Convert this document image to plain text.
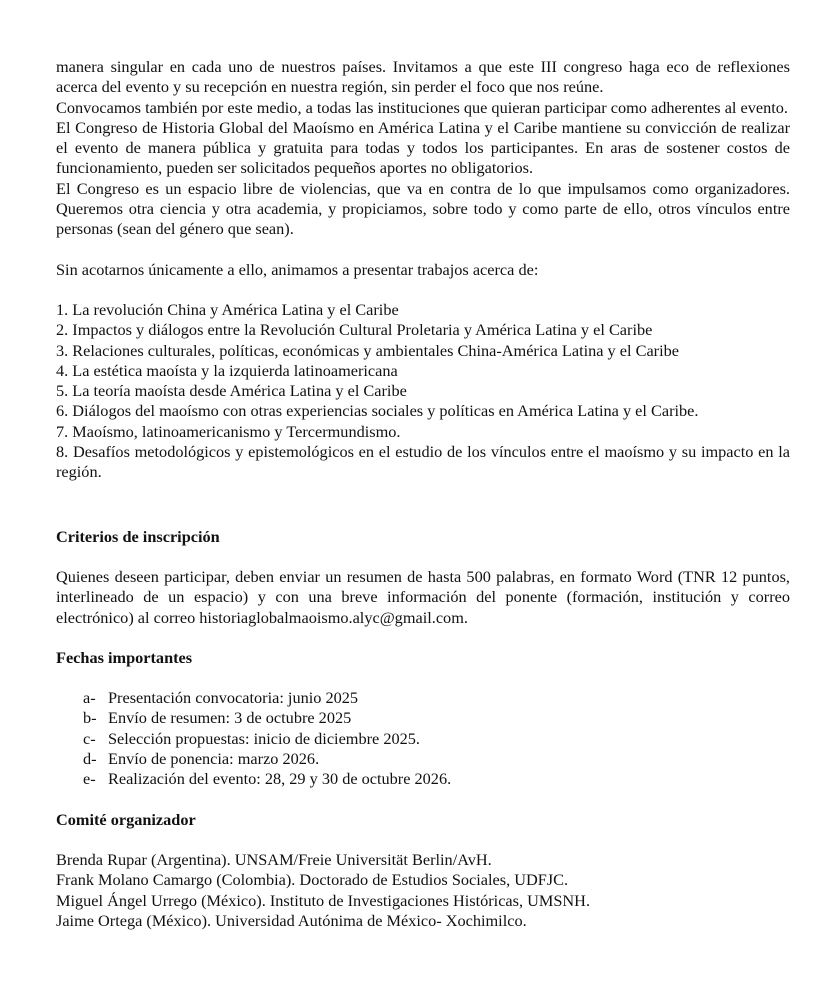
manera singular en cada uno de nuestros países. Invitamos a que este III congreso haga eco de reflexiones acerca del evento y su recepción en nuestra región, sin perder el foco que nos reúne.

Convocamos también por este medio, a todas las instituciones que quieran participar como adherentes al evento.

El Congreso de Historia Global del Maoísmo en América Latina y el Caribe mantiene su convicción de realizar el evento de manera pública y gratuita para todas y todos los participantes. En aras de sostener costos de funcionamiento, pueden ser solicitados pequeños aportes no obligatorios.

El Congreso es un espacio libre de violencias, que va en contra de lo que impulsamos como organizadores. Queremos otra ciencia y otra academia, y propiciamos, sobre todo y como parte de ello, otros vínculos entre personas (sean del género que sean).

Sin acotarnos únicamente a ello, animamos a presentar trabajos acerca de:

1. La revolución China y América Latina y el Caribe
2. Impactos y diálogos entre la Revolución Cultural Proletaria y América Latina y el Caribe
3. Relaciones culturales, políticas, económicas y ambientales China-América Latina y el Caribe
4. La estética maoísta y la izquierda latinoamericana
5. La teoría maoísta desde América Latina y el Caribe
6. Diálogos del maoísmo con otras experiencias sociales y políticas en América Latina y el Caribe.
7. Maoísmo, latinoamericanismo y Tercermundismo.
8. Desafíos metodológicos y epistemológicos en el estudio de los vínculos entre el maoísmo y su impacto en la región.

Criterios de inscripción

Quienes deseen participar, deben enviar un resumen de hasta 500 palabras, en formato Word (TNR 12 puntos, interlineado de un espacio) y con una breve información del ponente (formación, institución y correo electrónico) al correo historiaglobalmaoismo.alyc@gmail.com.

Fechas importantes

a- Presentación convocatoria: junio 2025
b- Envío de resumen: 3 de octubre 2025
c- Selección propuestas: inicio de diciembre 2025.
d- Envío de ponencia: marzo 2026.
e- Realización del evento: 28, 29 y 30 de octubre 2026.

Comité organizador

Brenda Rupar (Argentina). UNSAM/Freie Universität Berlin/AvH.
Frank Molano Camargo (Colombia). Doctorado de Estudios Sociales, UDFJC.
Miguel Ángel Urrego (México). Instituto de Investigaciones Históricas, UMSNH.
Jaime Ortega (México). Universidad Autónima de México- Xochimilco.
